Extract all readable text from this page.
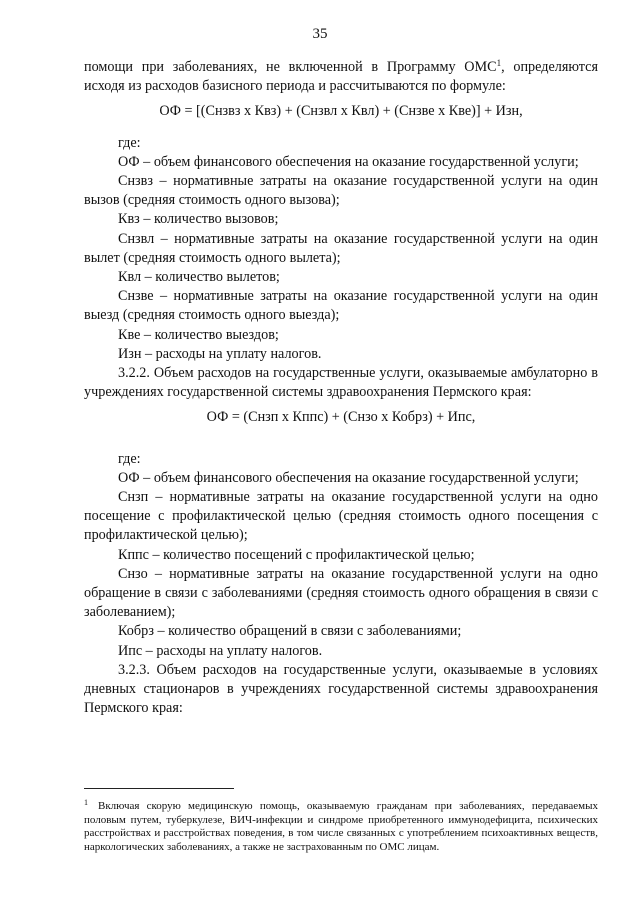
35

помощи при заболеваниях, не включенной в Программу ОМС$^1$, определяются исходя из расходов базисного периода и рассчитываются по формуле:

ОФ = [(Снзвз х Квз) + (Снзвл х Квл) + (Снзве х Кве)] + Изн,

где:

ОФ – объем финансового обеспечения на оказание государственной услуги;

Снзвз – нормативные затраты на оказание государственной услуги на один вызов (средняя стоимость одного вызова);

Квз – количество вызовов;

Снзвл – нормативные затраты на оказание государственной услуги на один вылет (средняя стоимость одного вылета);

Квл – количество вылетов;

Снзве – нормативные затраты на оказание государственной услуги на один выезд (средняя стоимость одного выезда);

Кве – количество выездов;

Изн – расходы на уплату налогов.

3.2.2. Объем расходов на государственные услуги, оказываемые амбулаторно в учреждениях государственной системы здравоохранения Пермского края:

ОФ = (Снзп х Кппс) + (Снзо х Кобрз) + Ипс,

где:

ОФ – объем финансового обеспечения на оказание государственной услуги;

Снзп – нормативные затраты на оказание государственной услуги на одно посещение с профилактической целью (средняя стоимость одного посещения с профилактической целью);

Кппс – количество посещений с профилактической целью;

Снзо – нормативные затраты на оказание государственной услуги на одно обращение в связи с заболеваниями (средняя стоимость одного обращения в связи с заболеванием);

Кобрз – количество обращений в связи с заболеваниями;

Ипс – расходы на уплату налогов.

3.2.3. Объем расходов на государственные услуги, оказываемые в условиях дневных стационаров в учреждениях государственной системы здравоохранения Пермского края:

$^1$ Включая скорую медицинскую помощь, оказываемую гражданам при заболеваниях, передаваемых половым путем, туберкулезе, ВИЧ-инфекции и синдроме приобретенного иммунодефицита, психических расстройствах и расстройствах поведения, в том числе связанных с употреблением психоактивных веществ, наркологических заболеваниях, а также не застрахованным по ОМС лицам.
